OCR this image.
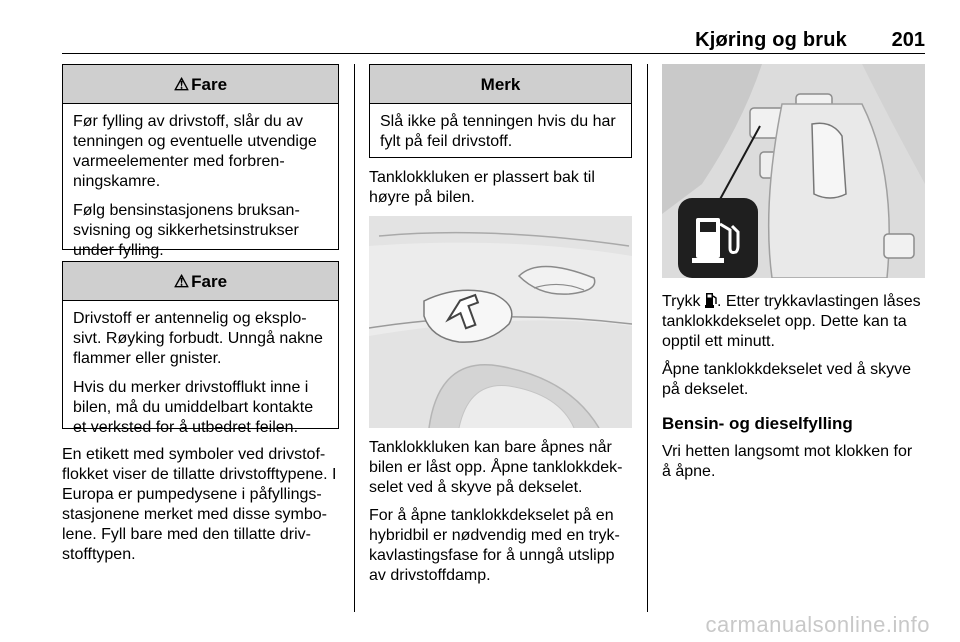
Kjøring og bruk 201
⚠ Fare

Før fylling av drivstoff, slår du av tenningen og eventuelle utvendige varmeelementer med forbren-ningskamre.

Følg bensinstasjonens bruksan-svisning og sikkerhetsinstrukser under fylling.

⚠ Fare

Drivstoff er antennelig og eksplo-sivt. Røyking forbudt. Unngå nakne flammer eller gnister.

Hvis du merker drivstofflukt inne i bilen, må du umiddelbart kontakte et verksted for å utbedret feilen.

En etikett med symboler ved drivstof-flokket viser de tillatte drivstofftypene. I Europa er pumpedysene i påfyllings-stasjonene merket med disse symbo-lene. Fyll bare med den tillatte driv-stofftypen.

Merk

Slå ikke på tenningen hvis du har fylt på feil drivstoff.

Tanklokkluken er plassert bak til høyre på bilen.

Tanklokkluken kan bare åpnes når bilen er låst opp. Åpne tanklokkdek-selet ved å skyve på dekselet.

For å åpne tanklokkdekselet på en hybridbil er nødvendig med en tryk-kavlastingsfase for å unngå utslipp av drivstoffdamp.

Trykk . Etter trykkavlastingen låses tanklokkdekselet opp. Dette kan ta opptil ett minutt.

Åpne tanklokkdekselet ved å skyve på dekselet.

Bensin- og dieselfylling

Vri hetten langsomt mot klokken for å åpne.

carmanualsonline.info
